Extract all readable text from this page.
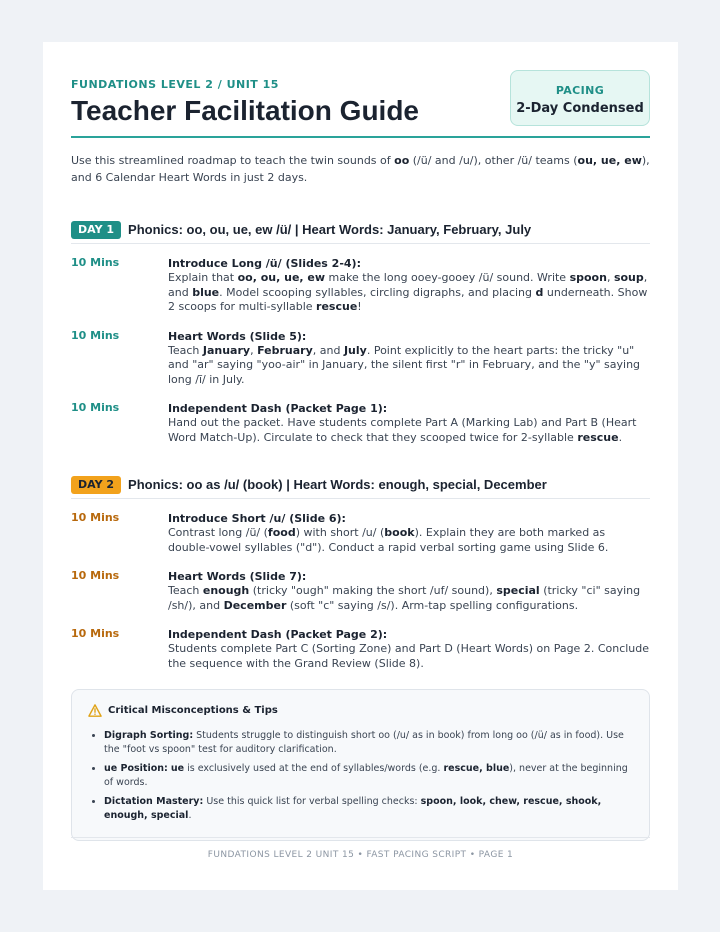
FUNDATIONS LEVEL 2 / UNIT 15
Teacher Facilitation Guide
PACING
2-Day Condensed

Use this streamlined roadmap to teach the twin sounds of oo (/ü/ and /u/), other /ü/ teams (ou, ue, ew), and 6 Calendar Heart Words in just 2 days.

DAY 1	Phonics: oo, ou, ue, ew /ü/ | Heart Words: January, February, July
10 Mins	Introduce Long /ü/ (Slides 2-4):
Explain that oo, ou, ue, ew make the long ooey-gooey /ü/ sound. Write spoon, soup, and blue. Model scooping syllables, circling digraphs, and placing d underneath. Show 2 scoops for multi-syllable rescue!
10 Mins	Heart Words (Slide 5):
Teach January, February, and July. Point explicitly to the heart parts: the tricky "u" and "ar" saying "yoo-air" in January, the silent first "r" in February, and the "y" saying long /ī/ in July.
10 Mins	Independent Dash (Packet Page 1):
Hand out the packet. Have students complete Part A (Marking Lab) and Part B (Heart Word Match-Up). Circulate to check that they scooped twice for 2-syllable rescue.
DAY 2	Phonics: oo as /u/ (book) | Heart Words: enough, special, December
10 Mins	Introduce Short /u/ (Slide 6):
Contrast long /ü/ (food) with short /u/ (book). Explain they are both marked as double-vowel syllables ("d"). Conduct a rapid verbal sorting game using Slide 6.
10 Mins	Heart Words (Slide 7):
Teach enough (tricky "ough" making the short /uf/ sound), special (tricky "ci" saying /sh/), and December (soft "c" saying /s/). Arm-tap spelling configurations.
10 Mins	Independent Dash (Packet Page 2):
Students complete Part C (Sorting Zone) and Part D (Heart Words) on Page 2. Conclude the sequence with the Grand Review (Slide 8).
Critical Misconceptions & Tips
• Digraph Sorting: Students struggle to distinguish short oo (/u/ as in book) from long oo (/ü/ as in food). Use the "foot vs spoon" test for auditory clarification.
• ue Position: ue is exclusively used at the end of syllables/words (e.g. rescue, blue), never at the beginning of words.
• Dictation Mastery: Use this quick list for verbal spelling checks: spoon, look, chew, rescue, shook, enough, special.
FUNDATIONS LEVEL 2 UNIT 15 • FAST PACING SCRIPT • PAGE 1
